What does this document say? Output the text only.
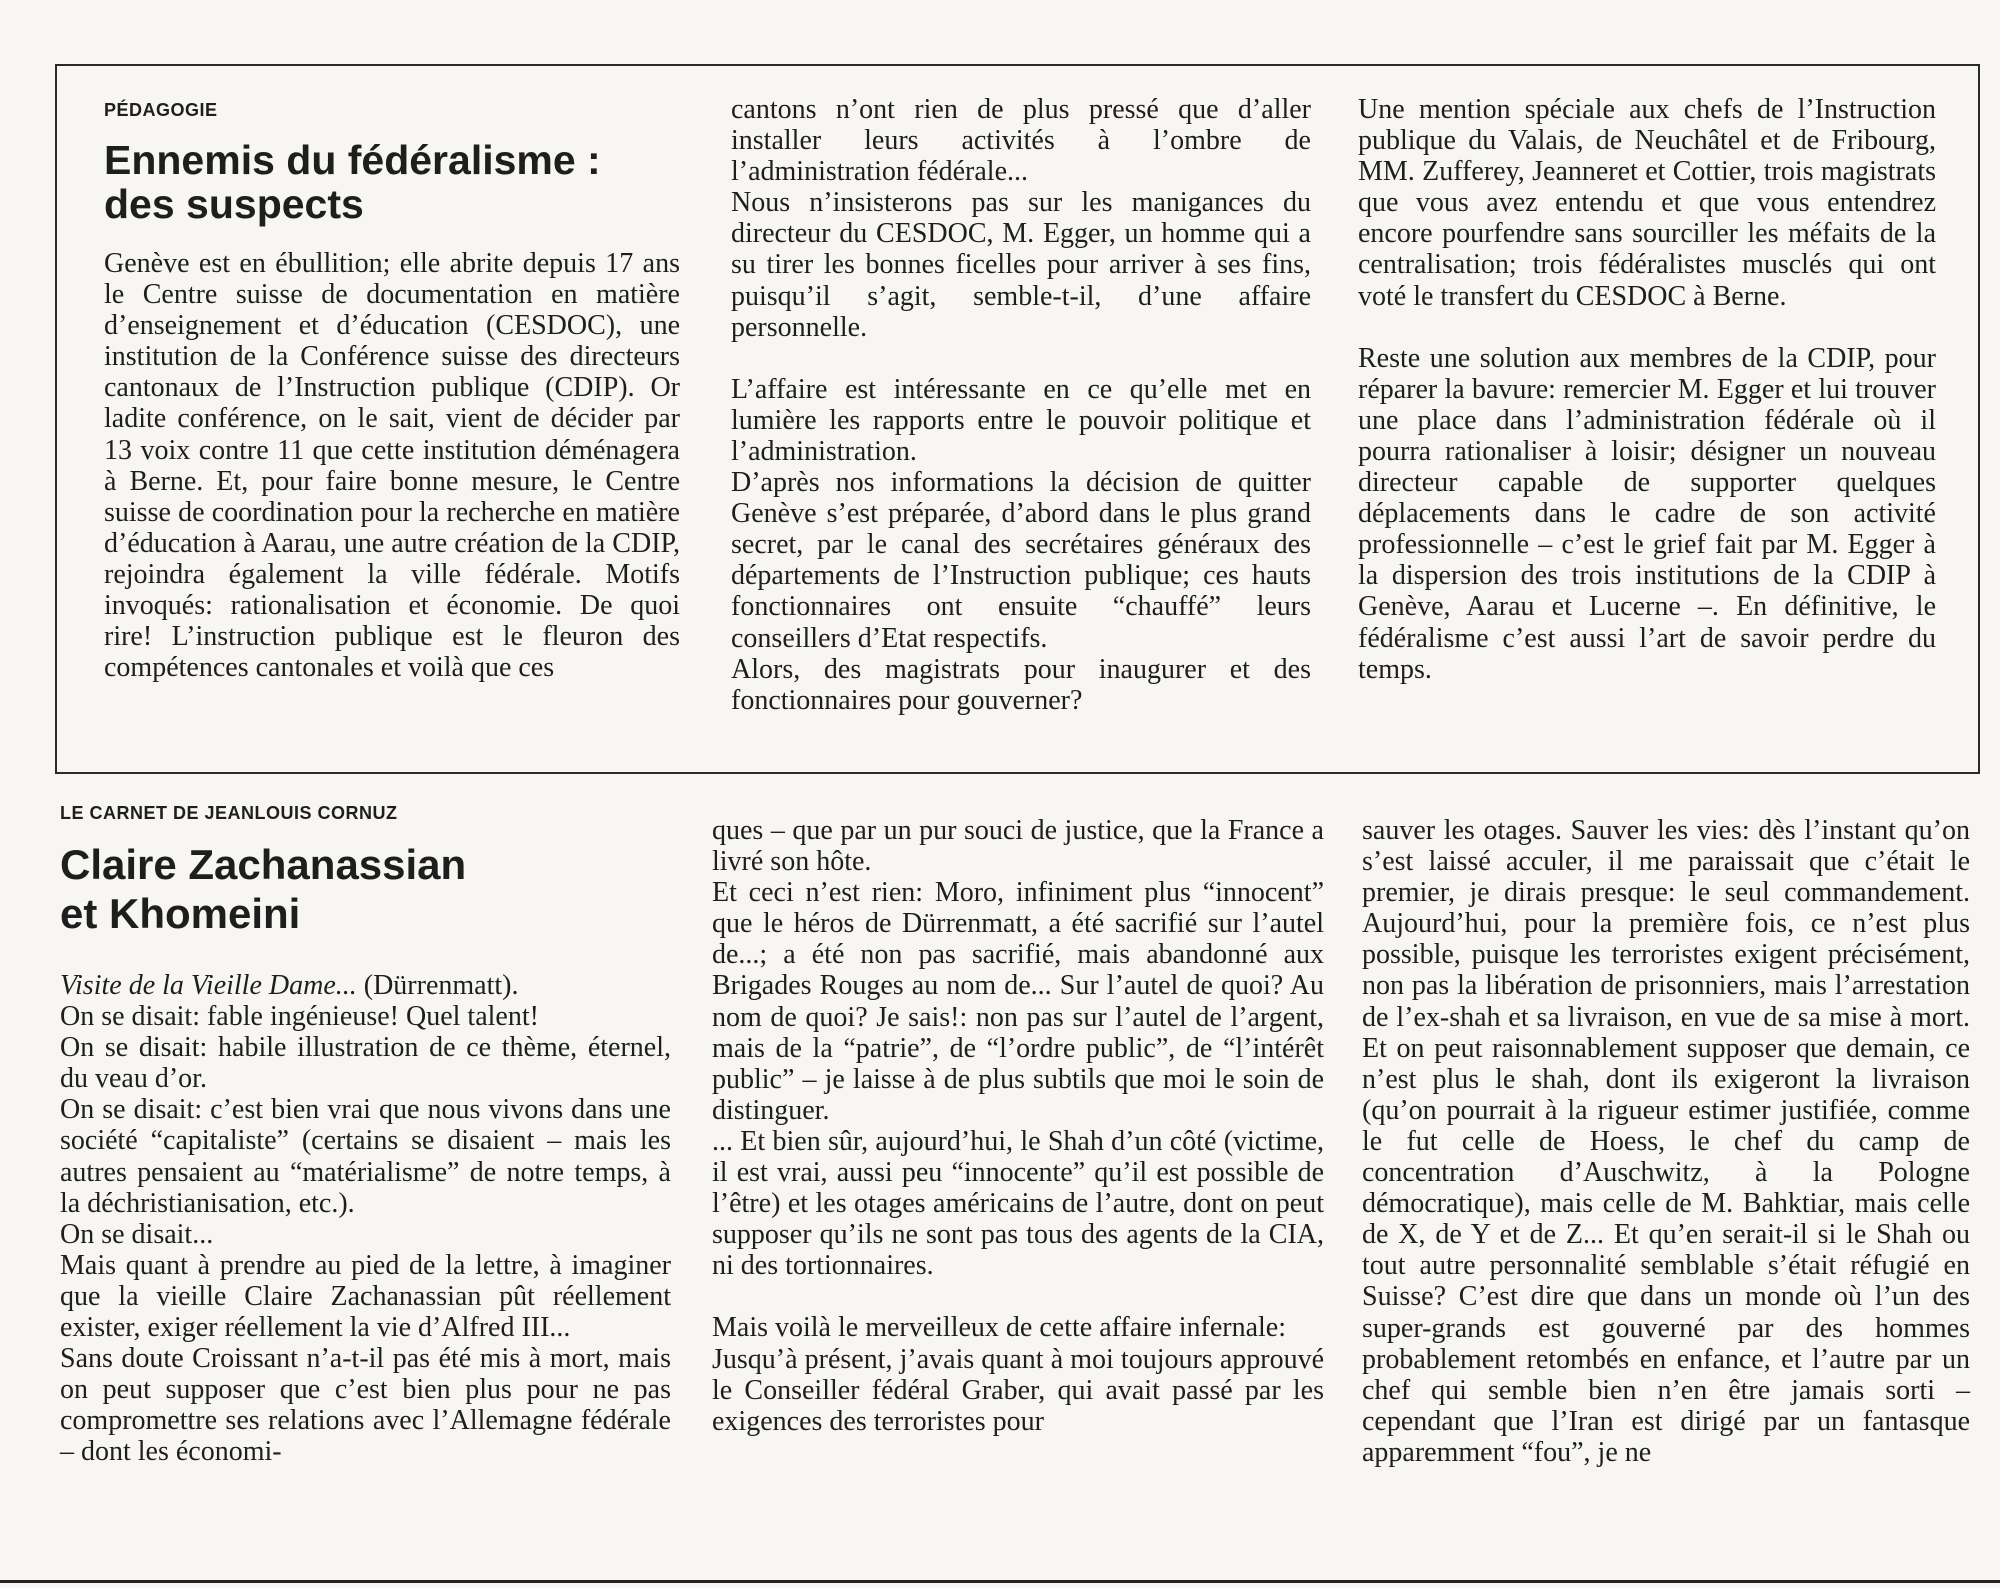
PÉDAGOGIE
Ennemis du fédéralisme :
des suspects

Genève est en ébullition; elle abrite depuis 17 ans le Centre suisse de documentation en matière d’enseignement et d’éducation (CESDOC), une institution de la Conférence suisse des directeurs cantonaux de l’Instruction publique (CDIP). Or ladite conférence, on le sait, vient de décider par 13 voix contre 11 que cette institution déménagera à Berne. Et, pour faire bonne mesure, le Centre suisse de coordination pour la recherche en matière d’éducation à Aarau, une autre création de la CDIP, rejoindra également la ville fédérale. Motifs invoqués: rationalisation et économie. De quoi rire! L’instruction publique est le fleuron des compétences cantonales et voilà que ces

cantons n’ont rien de plus pressé que d’aller installer leurs activités à l’ombre de l’administration fédérale...

Nous n’insisterons pas sur les manigances du directeur du CESDOC, M. Egger, un homme qui a su tirer les bonnes ficelles pour arriver à ses fins, puisqu’il s’agit, semble-t-il, d’une affaire personnelle.

L’affaire est intéressante en ce qu’elle met en lumière les rapports entre le pouvoir politique et l’administration.

D’après nos informations la décision de quitter Genève s’est préparée, d’abord dans le plus grand secret, par le canal des secrétaires généraux des départements de l’Instruction publique; ces hauts fonctionnaires ont ensuite “chauffé” leurs conseillers d’Etat respectifs.

Alors, des magistrats pour inaugurer et des fonctionnaires pour gouverner?

Une mention spéciale aux chefs de l’Instruction publique du Valais, de Neuchâtel et de Fribourg, MM. Zufferey, Jeanneret et Cottier, trois magistrats que vous avez entendu et que vous entendrez encore pourfendre sans sourciller les méfaits de la centralisation; trois fédéralistes musclés qui ont voté le transfert du CESDOC à Berne.

Reste une solution aux membres de la CDIP, pour réparer la bavure: remercier M. Egger et lui trouver une place dans l’administration fédérale où il pourra rationaliser à loisir; désigner un nouveau directeur capable de supporter quelques déplacements dans le cadre de son activité professionnelle – c’est le grief fait par M. Egger à la dispersion des trois institutions de la CDIP à Genève, Aarau et Lucerne –. En définitive, le fédéralisme c’est aussi l’art de savoir perdre du temps.

LE CARNET DE JEANLOUIS CORNUZ
Claire Zachanassian
et Khomeini

Visite de la Vieille Dame... (Dürrenmatt).

On se disait: fable ingénieuse! Quel talent!

On se disait: habile illustration de ce thème, éternel, du veau d’or.

On se disait: c’est bien vrai que nous vivons dans une société “capitaliste” (certains se disaient – mais les autres pensaient au “matérialisme” de notre temps, à la déchristianisation, etc.).

On se disait...

Mais quant à prendre au pied de la lettre, à imaginer que la vieille Claire Zachanassian pût réellement exister, exiger réellement la vie d’Alfred III...

Sans doute Croissant n’a-t-il pas été mis à mort, mais on peut supposer que c’est bien plus pour ne pas compromettre ses relations avec l’Allemagne fédérale – dont les économi-

ques – que par un pur souci de justice, que la France a livré son hôte.

Et ceci n’est rien: Moro, infiniment plus “innocent” que le héros de Dürrenmatt, a été sacrifié sur l’autel de...; a été non pas sacrifié, mais abandonné aux Brigades Rouges au nom de... Sur l’autel de quoi? Au nom de quoi? Je sais!: non pas sur l’autel de l’argent, mais de la “patrie”, de “l’ordre public”, de “l’intérêt public” – je laisse à de plus subtils que moi le soin de distinguer.

... Et bien sûr, aujourd’hui, le Shah d’un côté (victime, il est vrai, aussi peu “innocente” qu’il est possible de l’être) et les otages américains de l’autre, dont on peut supposer qu’ils ne sont pas tous des agents de la CIA, ni des tortionnaires.

Mais voilà le merveilleux de cette affaire infernale:

Jusqu’à présent, j’avais quant à moi toujours approuvé le Conseiller fédéral Graber, qui avait passé par les exigences des terroristes pour

sauver les otages. Sauver les vies: dès l’instant qu’on s’est laissé acculer, il me paraissait que c’était le premier, je dirais presque: le seul commandement. Aujourd’hui, pour la première fois, ce n’est plus possible, puisque les terroristes exigent précisément, non pas la libération de prisonniers, mais l’arrestation de l’ex-shah et sa livraison, en vue de sa mise à mort. Et on peut raisonnablement supposer que demain, ce n’est plus le shah, dont ils exigeront la livraison (qu’on pourrait à la rigueur estimer justifiée, comme le fut celle de Hoess, le chef du camp de concentration d’Auschwitz, à la Pologne démocratique), mais celle de M. Bahktiar, mais celle de X, de Y et de Z... Et qu’en serait-il si le Shah ou tout autre personnalité semblable s’était réfugié en Suisse? C’est dire que dans un monde où l’un des super-grands est gouverné par des hommes probablement retombés en enfance, et l’autre par un chef qui semble bien n’en être jamais sorti – cependant que l’Iran est dirigé par un fantasque apparemment “fou”, je ne
